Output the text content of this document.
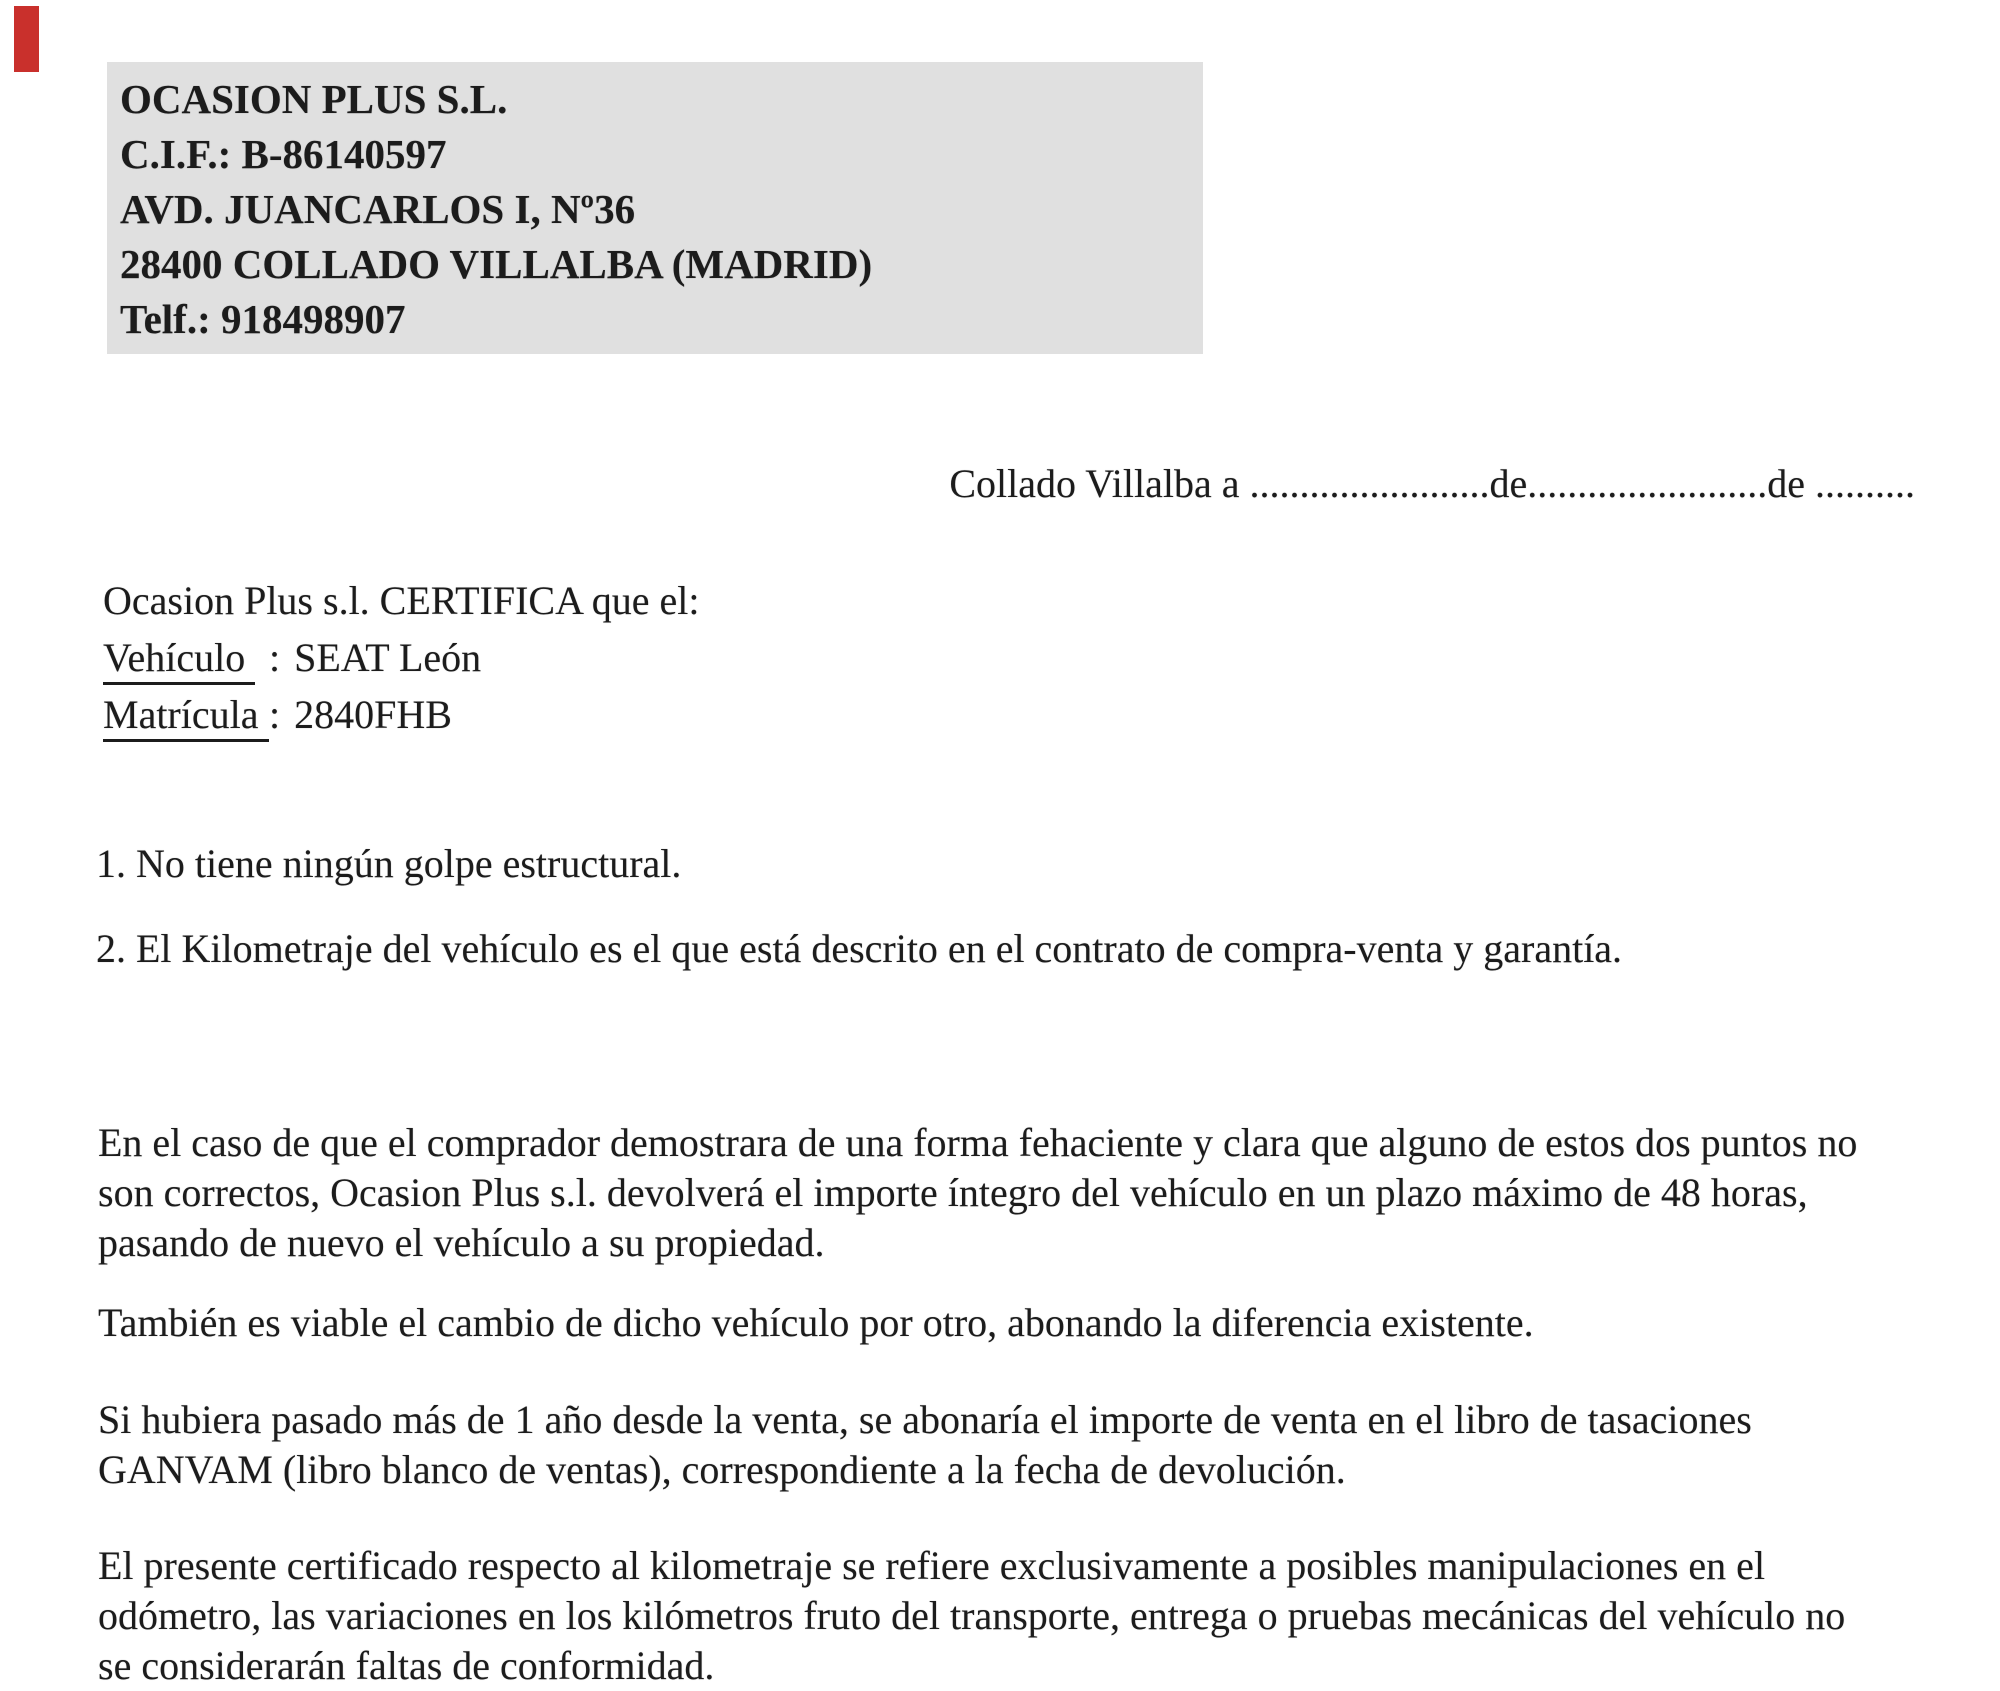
OCASION PLUS S.L.
C.I.F.: B-86140597
AVD. JUANCARLOS I, Nº36
28400 COLLADO VILLALBA (MADRID)
Telf.: 918498907
Collado Villalba a ........................de........................de ..........
Ocasion Plus s.l. CERTIFICA que el:
Vehículo : SEAT León
Matrícula : 2840FHB
1. No tiene ningún golpe estructural.
2. El Kilometraje del vehículo es el que está descrito en el contrato de compra-venta y garantía.
En el caso de que el comprador demostrara de una forma fehaciente y clara que alguno de estos dos puntos no
son correctos, Ocasion Plus s.l. devolverá el importe íntegro del vehículo en un plazo máximo de 48 horas,
pasando de nuevo el vehículo a su propiedad.
También es viable el cambio de dicho vehículo por otro, abonando la diferencia existente.
Si hubiera pasado más de 1 año desde la venta, se abonaría el importe de venta en el libro de tasaciones
GANVAM (libro blanco de ventas), correspondiente a la fecha de devolución.
El presente certificado respecto al kilometraje se refiere exclusivamente a posibles manipulaciones en el
odómetro, las variaciones en los kilómetros fruto del transporte, entrega o pruebas mecánicas del vehículo no
se considerarán faltas de conformidad.
